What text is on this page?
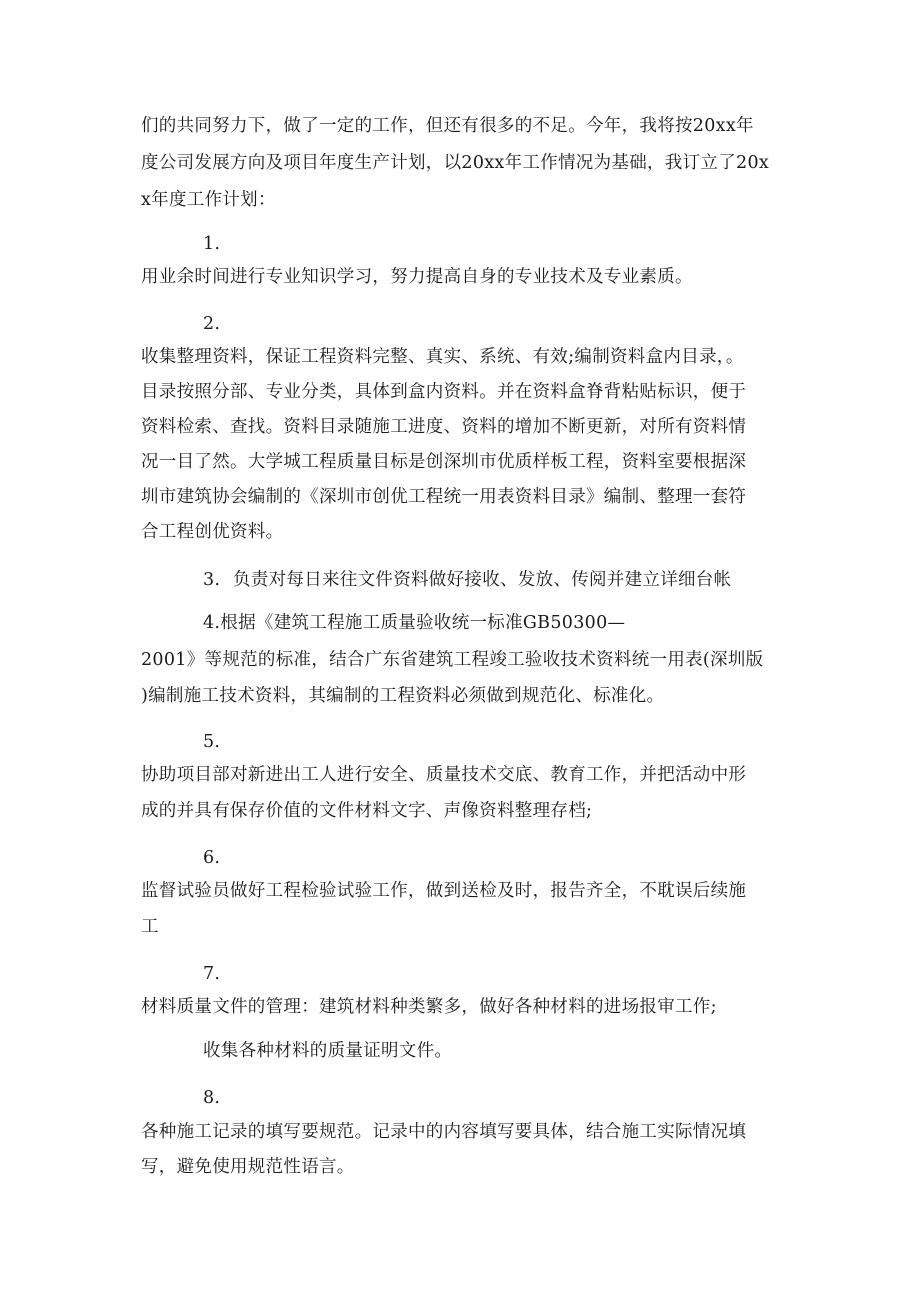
们的共同努力下，做了一定的工作，但还有很多的不足。今年，我将按20xx年
度公司发展方向及项目年度生产计划，以20xx年工作情况为基础，我订立了20x
x年度工作计划：
1.
用业余时间进行专业知识学习，努力提高自身的专业技术及专业素质。
2.
收集整理资料，保证工程资料完整、真实、系统、有效;编制资料盒内目录，。
目录按照分部、专业分类，具体到盒内资料。并在资料盒脊背粘贴标识，便于
资料检索、查找。资料目录随施工进度、资料的增加不断更新，对所有资料情
况一目了然。大学城工程质量目标是创深圳市优质样板工程，资料室要根据深
圳市建筑协会编制的《深圳市创优工程统一用表资料目录》编制、整理一套符
合工程创优资料。
3. 负责对每日来往文件资料做好接收、发放、传阅并建立详细台帐
4.根据《建筑工程施工质量验收统一标准GB50300—
2001》等规范的标准，结合广东省建筑工程竣工验收技术资料统一用表(深圳版
)编制施工技术资料，其编制的工程资料必须做到规范化、标准化。
5.
协助项目部对新进出工人进行安全、质量技术交底、教育工作，并把活动中形
成的并具有保存价值的文件材料文字、声像资料整理存档;
6.
监督试验员做好工程检验试验工作，做到送检及时，报告齐全，不耽误后续施
工
7.
材料质量文件的管理：建筑材料种类繁多，做好各种材料的进场报审工作;
收集各种材料的质量证明文件。
8.
各种施工记录的填写要规范。记录中的内容填写要具体，结合施工实际情况填
写，避免使用规范性语言。
